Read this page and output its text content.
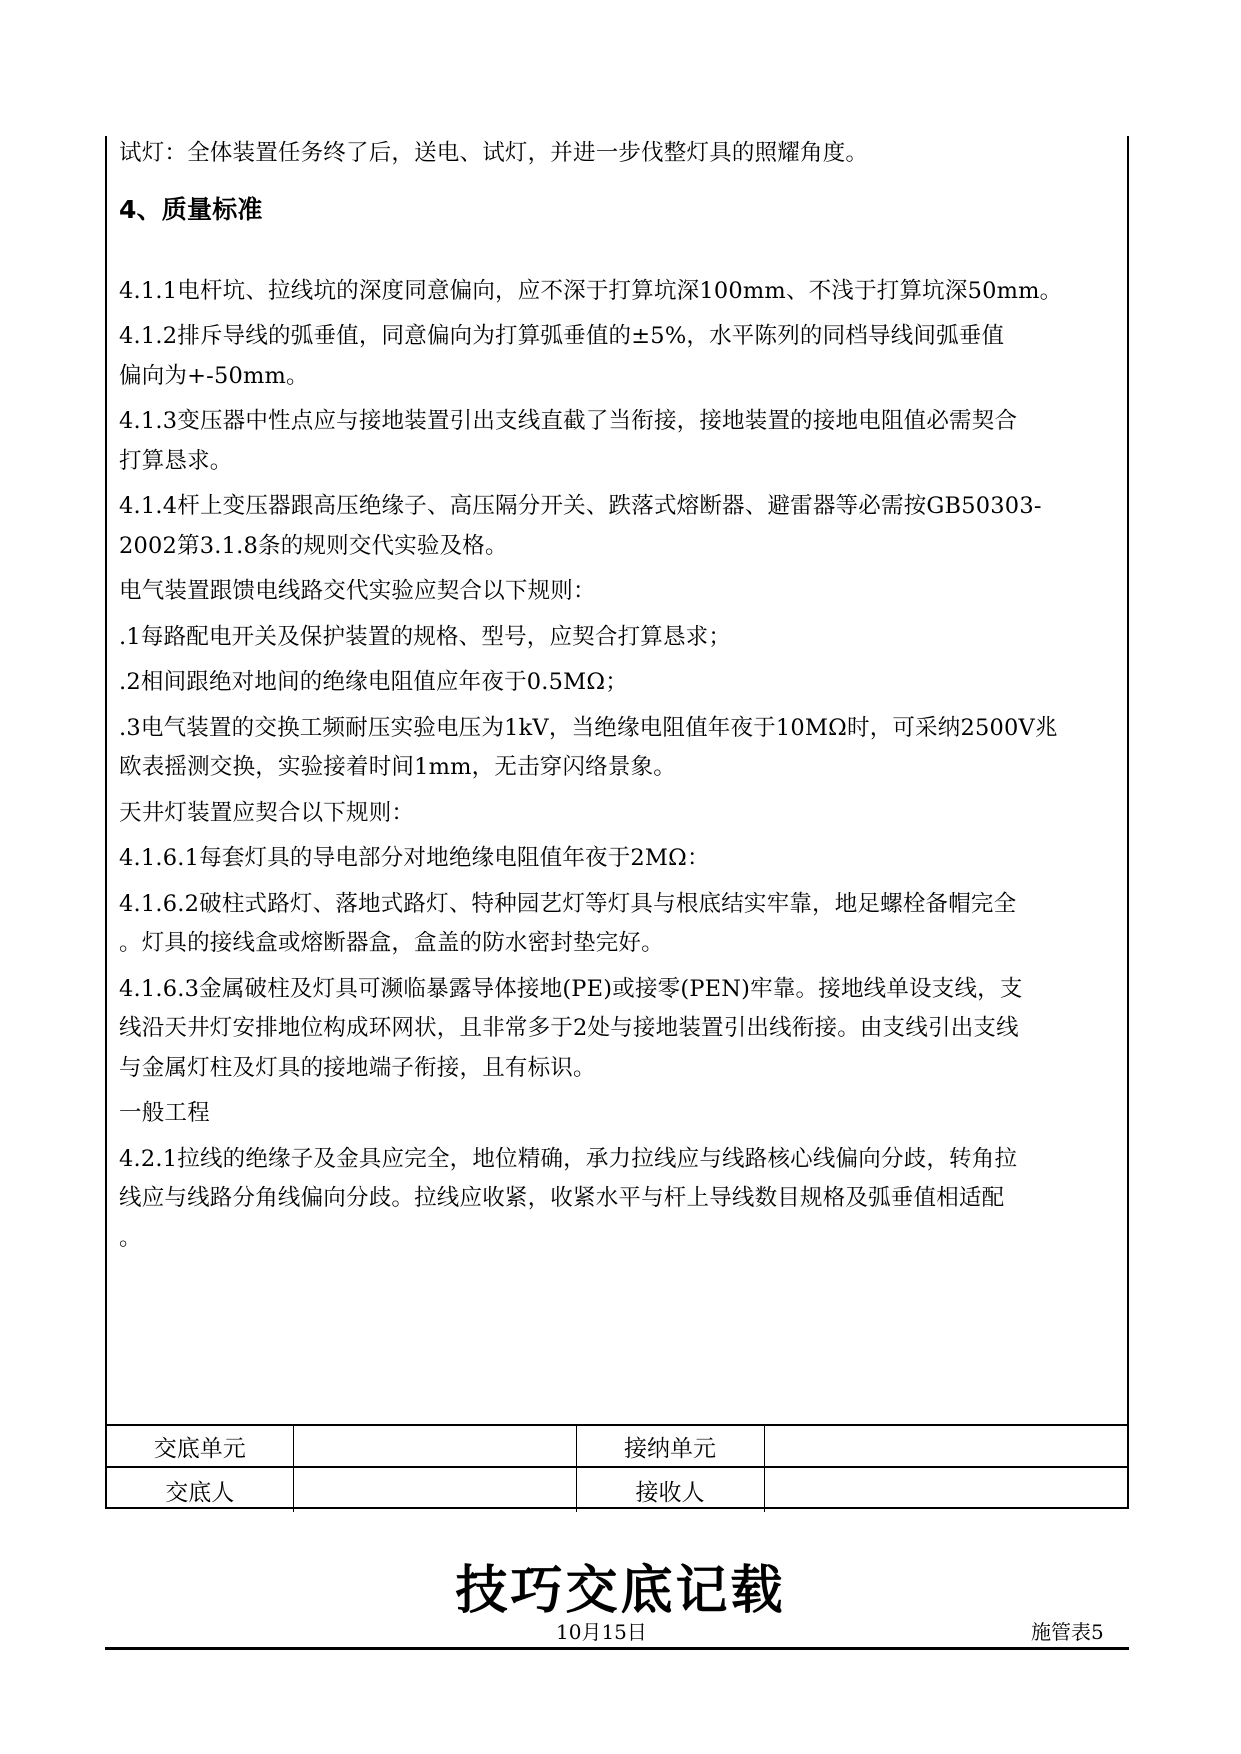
试灯：全体装置任务终了后，送电、试灯，并进一步伐整灯具的照耀角度。

4、质量标准

4.1.1电杆坑、拉线坑的深度同意偏向，应不深于打算坑深100mm、不浅于打算坑深50mm。

4.1.2排斥导线的弧垂值，同意偏向为打算弧垂值的±5%，水平陈列的同档导线间弧垂值

偏向为+-50mm。

4.1.3变压器中性点应与接地装置引出支线直截了当衔接，接地装置的接地电阻值必需契合

打算恳求。

4.1.4杆上变压器跟高压绝缘子、高压隔分开关、跌落式熔断器、避雷器等必需按GB50303-

2002第3.1.8条的规则交代实验及格。

电气装置跟馈电线路交代实验应契合以下规则：

.1每路配电开关及保护装置的规格、型号，应契合打算恳求；

.2相间跟绝对地间的绝缘电阻值应年夜于0.5MΩ；

.3电气装置的交换工频耐压实验电压为1kV，当绝缘电阻值年夜于10MΩ时，可采纳2500V兆

欧表摇测交换，实验接着时间1mm，无击穿闪络景象。

天井灯装置应契合以下规则：

4.1.6.1每套灯具的导电部分对地绝缘电阻值年夜于2MΩ：

4.1.6.2破柱式路灯、落地式路灯、特种园艺灯等灯具与根底结实牢靠，地足螺栓备帽完全

。灯具的接线盒或熔断器盒，盒盖的防水密封垫完好。

4.1.6.3金属破柱及灯具可濒临暴露导体接地(PE)或接零(PEN)牢靠。接地线单设支线，支

线沿天井灯安排地位构成环网状，且非常多于2处与接地装置引出线衔接。由支线引出支线

与金属灯柱及灯具的接地端子衔接，且有标识。

一般工程

4.2.1拉线的绝缘子及金具应完全，地位精确，承力拉线应与线路核心线偏向分歧，转角拉

线应与线路分角线偏向分歧。拉线应收紧，收紧水平与杆上导线数目规格及弧垂值相适配

。

交底单元		接纳单元	
交底人		接收人	
技巧交底记载
10月15日	施管表5
